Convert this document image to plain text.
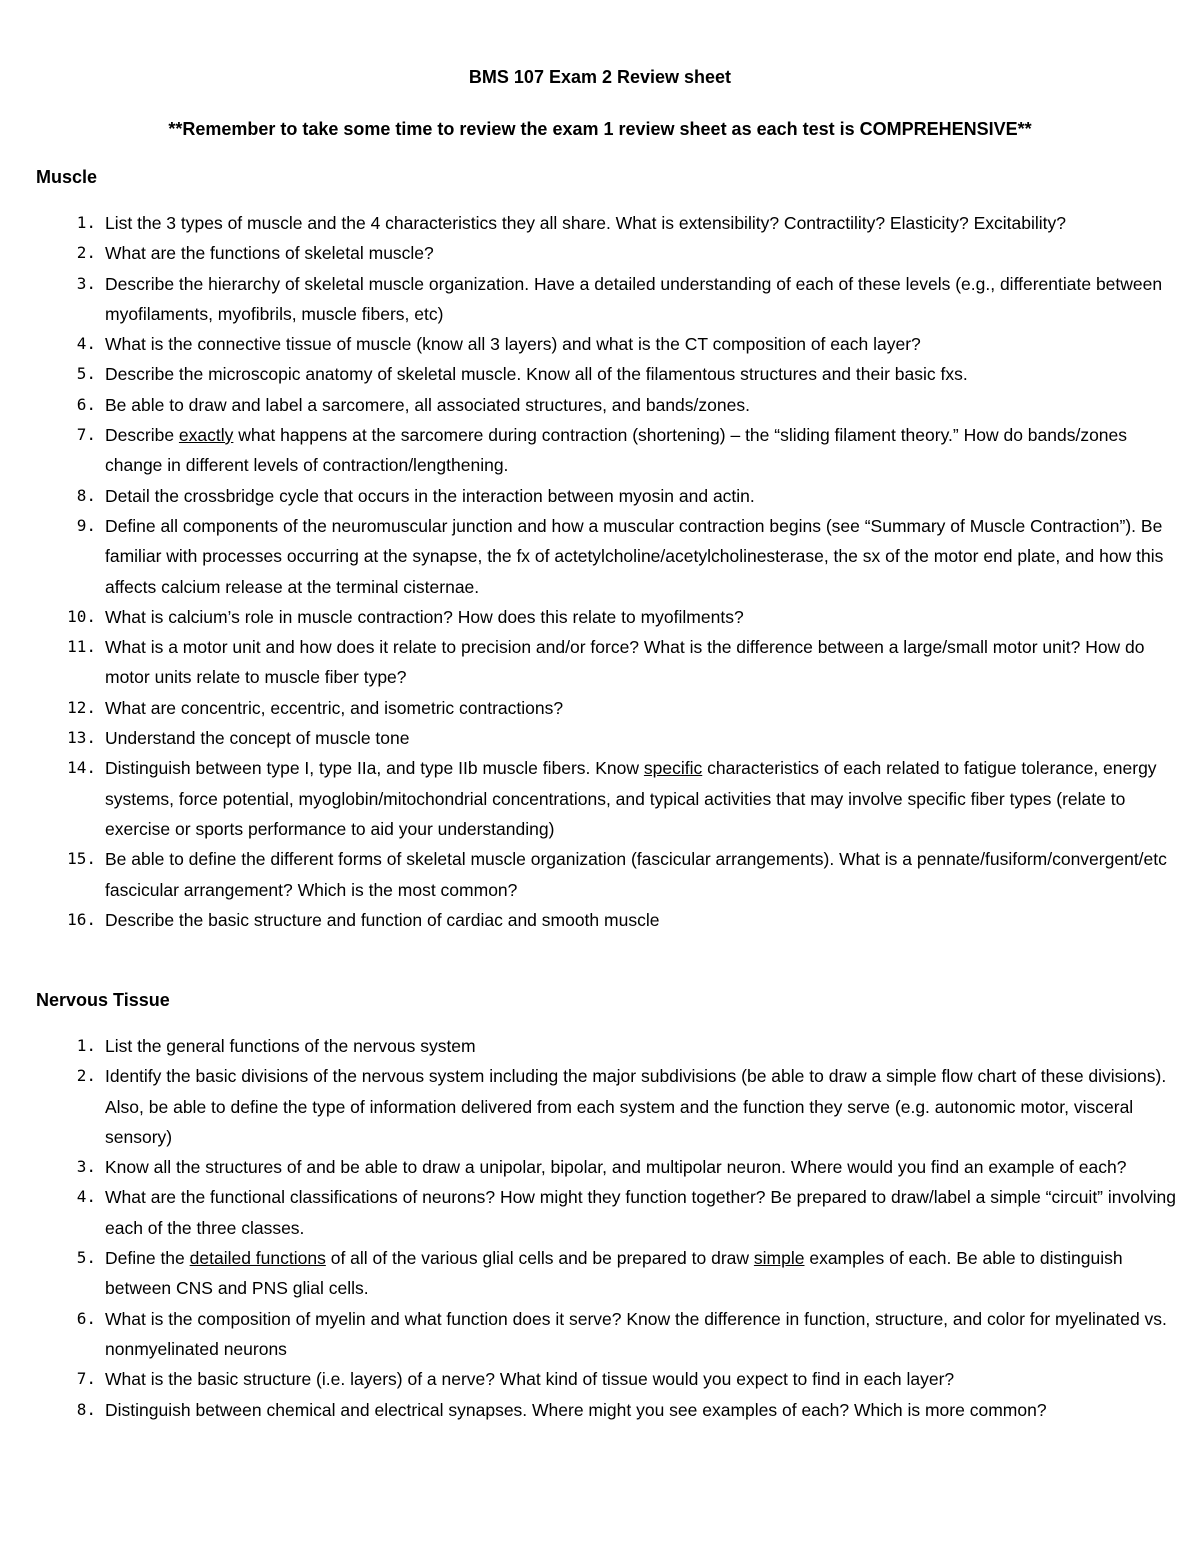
BMS 107 Exam 2 Review sheet
**Remember to take some time to review the exam 1 review sheet as each test is COMPREHENSIVE**
Muscle
1. List the 3 types of muscle and the 4 characteristics they all share. What is extensibility? Contractility? Elasticity? Excitability?
2. What are the functions of skeletal muscle?
3. Describe the hierarchy of skeletal muscle organization. Have a detailed understanding of each of these levels (e.g., differentiate between myofilaments, myofibrils, muscle fibers, etc)
4. What is the connective tissue of muscle (know all 3 layers) and what is the CT composition of each layer?
5. Describe the microscopic anatomy of skeletal muscle. Know all of the filamentous structures and their basic fxs.
6. Be able to draw and label a sarcomere, all associated structures, and bands/zones.
7. Describe exactly what happens at the sarcomere during contraction (shortening) – the “sliding filament theory.” How do bands/zones change in different levels of contraction/lengthening.
8. Detail the crossbridge cycle that occurs in the interaction between myosin and actin.
9. Define all components of the neuromuscular junction and how a muscular contraction begins (see “Summary of Muscle Contraction”). Be familiar with processes occurring at the synapse, the fx of actetylcholine/acetylcholinesterase, the sx of the motor end plate, and how this affects calcium release at the terminal cisternae.
10. What is calcium’s role in muscle contraction? How does this relate to myofilments?
11. What is a motor unit and how does it relate to precision and/or force? What is the difference between a large/small motor unit? How do motor units relate to muscle fiber type?
12. What are concentric, eccentric, and isometric contractions?
13. Understand the concept of muscle tone
14. Distinguish between type I, type IIa, and type IIb muscle fibers. Know specific characteristics of each related to fatigue tolerance, energy systems, force potential, myoglobin/mitochondrial concentrations, and typical activities that may involve specific fiber types (relate to exercise or sports performance to aid your understanding)
15. Be able to define the different forms of skeletal muscle organization (fascicular arrangements). What is a pennate/fusiform/convergent/etc fascicular arrangement? Which is the most common?
16. Describe the basic structure and function of cardiac and smooth muscle
Nervous Tissue
1. List the general functions of the nervous system
2. Identify the basic divisions of the nervous system including the major subdivisions (be able to draw a simple flow chart of these divisions). Also, be able to define the type of information delivered from each system and the function they serve (e.g. autonomic motor, visceral sensory)
3. Know all the structures of and be able to draw a unipolar, bipolar, and multipolar neuron. Where would you find an example of each?
4. What are the functional classifications of neurons? How might they function together? Be prepared to draw/label a simple “circuit” involving each of the three classes.
5. Define the detailed functions of all of the various glial cells and be prepared to draw simple examples of each. Be able to distinguish between CNS and PNS glial cells.
6. What is the composition of myelin and what function does it serve? Know the difference in function, structure, and color for myelinated vs. nonmyelinated neurons
7. What is the basic structure (i.e. layers) of a nerve? What kind of tissue would you expect to find in each layer?
8. Distinguish between chemical and electrical synapses. Where might you see examples of each? Which is more common?
